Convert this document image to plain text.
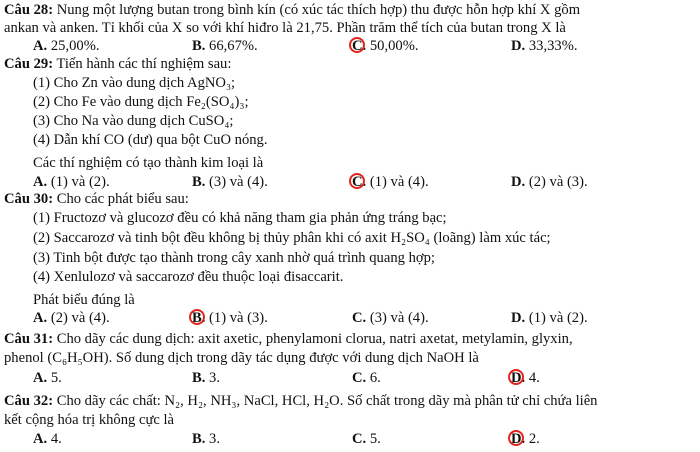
Câu 28: Nung một lượng butan trong bình kín (có xúc tác thích hợp) thu được hỗn hợp khí X gồm
ankan và anken. Tỉ khối của X so với khí hiđro là 21,75. Phần trăm thể tích của butan trong X là
A. 25,00%.	B. 66,67%.	C. 50,00%.	D. 33,33%.
Câu 29: Tiến hành các thí nghiệm sau:
(1) Cho Zn vào dung dịch AgNO₃;
(2) Cho Fe vào dung dịch Fe₂(SO₄)₃;
(3) Cho Na vào dung dịch CuSO₄;
(4) Dẫn khí CO (dư) qua bột CuO nóng.
Các thí nghiệm có tạo thành kim loại là
A. (1) và (2).	B. (3) và (4).	C. (1) và (4).	D. (2) và (3).
Câu 30: Cho các phát biểu sau:
(1) Fructozơ và glucozơ đều có khả năng tham gia phản ứng tráng bạc;
(2) Saccarozơ và tinh bột đều không bị thủy phân khi có axit H₂SO₄ (loãng) làm xúc tác;
(3) Tinh bột được tạo thành trong cây xanh nhờ quá trình quang hợp;
(4) Xenlulozơ và saccarozơ đều thuộc loại đisaccarit.
Phát biểu đúng là
A. (2) và (4).	B. (1) và (3).	C. (3) và (4).	D. (1) và (2).
Câu 31: Cho dãy các dung dịch: axit axetic, phenylamoni clorua, natri axetat, metylamin, glyxin,
phenol (C₆H₅OH). Số dung dịch trong dãy tác dụng được với dung dịch NaOH là
A. 5.	B. 3.	C. 6.	D. 4.
Câu 32: Cho dãy các chất: N₂, H₂, NH₃, NaCl, HCl, H₂O. Số chất trong dãy mà phân tử chỉ chứa liên
kết cộng hóa trị không cực là
A. 4.	B. 3.	C. 5.	D. 2.
